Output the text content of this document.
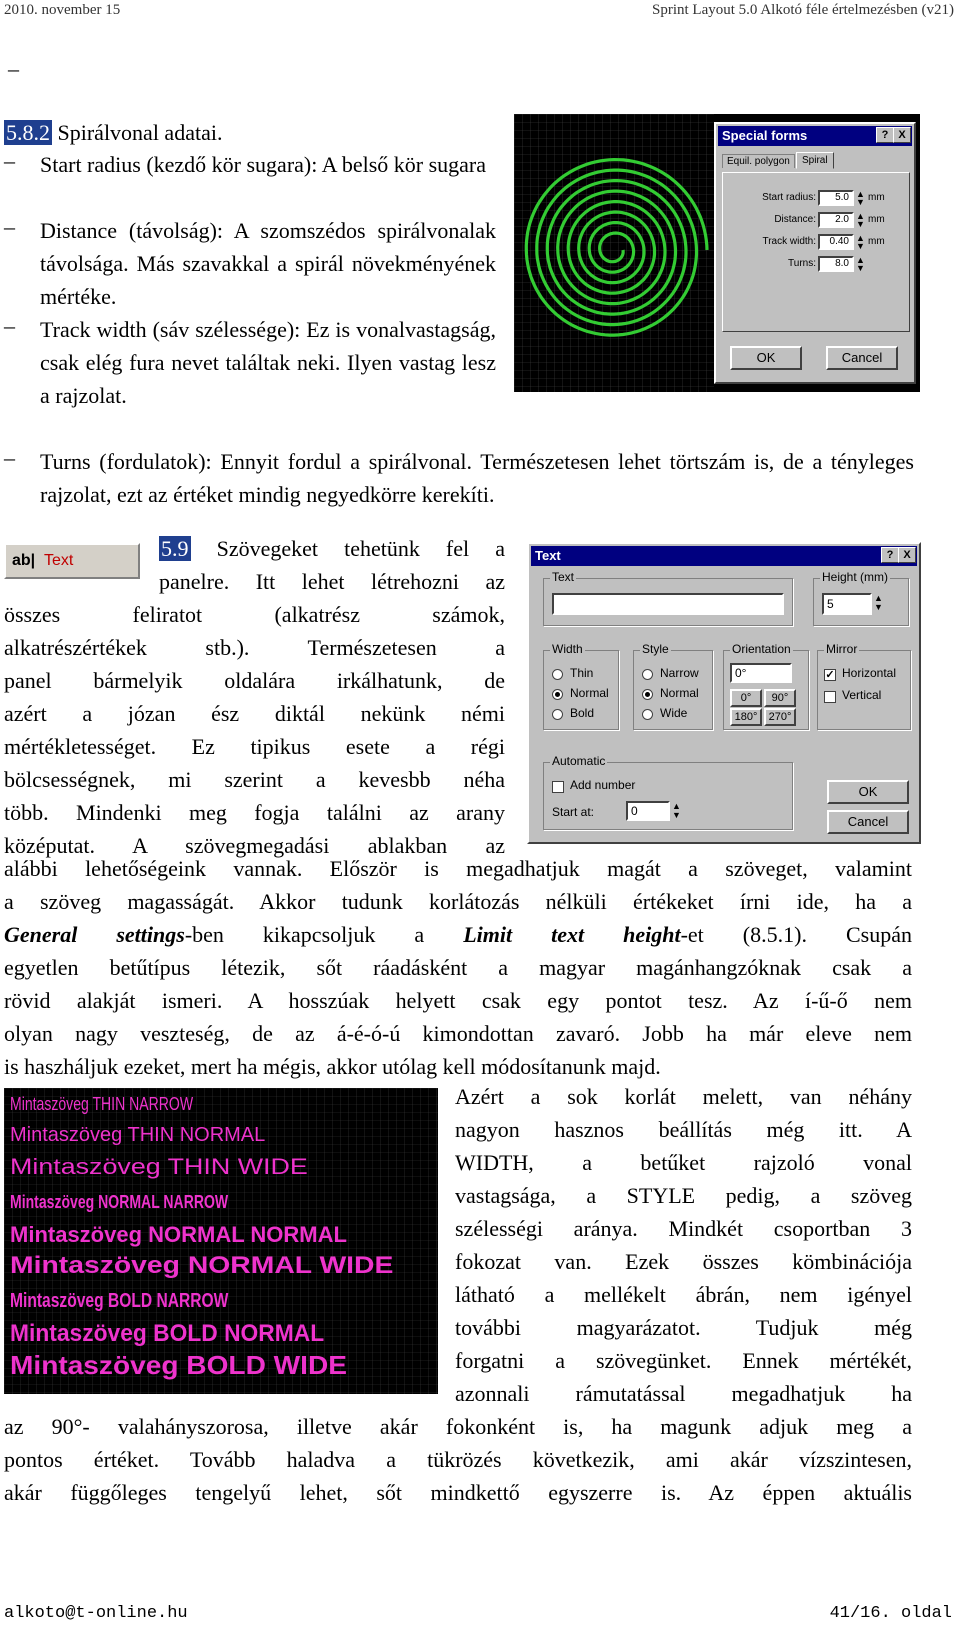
2010. november 15	Sprint Layout 5.0 Alkotó féle értelmezésben (v21)
–
5.8.2 Spirálvonal adatai.
– Start radius (kezdő kör sugara): A belső kör sugara
– Distance (távolság): A szomszédos spirálvonalak távolsága. Más szavakkal a spirál növekményének mértéke.
– Track width (sáv szélessége): Ez is vonalvastagság, csak elég fura nevet találtak neki. Ilyen vastag lesz a rajzolat.
– Turns (fordulatok): Ennyit fordul a spirálvonal. Természetesen lehet törtszám is, de a tényleges rajzolat, ezt az értéket mindig negyedkörre kerekíti.
Special forms	? X
Equil. polygon	Spiral
Start radius:	5.0 ▲
▼ mm
Distance:	2.0 ▲
▼ mm
Track width:	0.40 ▲
▼ mm
Turns:	8.0 ▲
▼
OK	Cancel
ab| Text	5.9 Szövegeket tehetünk fel a
panelre. Itt lehet létrehozni az
összes feliratot (alkatrész számok,
alkatrészértékek stb.). Természetesen a
panel bármelyik oldalára irkálhatunk, de
azért a józan ész diktál nekünk némi
mértékletességet. Ez tipikus esete a régi
bölcsességnek, mi szerint a kevesbb néha
több. Mindenki meg fogja találni az arany
középutat. A szövegmegadási ablakban az
Text	? X
Text	Height (mm)
5	▲
▼
Width
Thin
Normal
Bold
Style
Narrow
Normal
Wide
Orientation
0°
0°	90°
180°	270°
Mirror
✓ Horizontal
Vertical
Automatic
Add number
Start at:	0	▲
▼
OK
Cancel
alábbi lehetőségeink vannak. Először is megadhatjuk magát a szöveget, valamint
a szöveg magasságát. Akkor tudunk korlátozás nélküli értékeket írni ide, ha a
General settings-ben kikapcsoljuk a Limit text height-et (8.5.1). Csupán
egyetlen betűtípus létezik, sőt ráadásként a magyar magánhangzóknak csak a
rövid alakját ismeri. A hosszúak helyett csak egy pontot tesz. Az í-ű-ő nem
olyan nagy veszteség, de az á-é-ó-ú kimondottan zavaró. Jobb ha már eleve nem
is haszháljuk ezeket, mert ha mégis, akkor utólag kell módosítanunk majd.
Mintaszöveg THIN NARROW
Mintaszöveg THIN NORMAL
Mintaszöveg THIN WIDE
Mintaszöveg NORMAL NARROW
Mintaszöveg NORMAL NORMAL
Mintaszöveg NORMAL WIDE
Mintaszöveg BOLD NARROW
Mintaszöveg BOLD NORMAL
Mintaszöveg BOLD WIDE
Azért a sok korlát melett, van néhány
nagyon hasznos beállítás még itt. A
WIDTH, a betűket rajzoló vonal
vastagsága, a STYLE pedig, a szöveg
szélességi aránya. Mindkét csoportban 3
fokozat van. Ezek összes kömbinációja
látható a mellékelt ábrán, nem igényel
további magyarázatot. Tudjuk még
forgatni a szövegünket. Ennek mértékét,
azonnali rámutatással megadhatjuk ha
az 90°- valahányszorosa, illetve akár fokonként is, ha magunk adjuk meg a
pontos értéket. Tovább haladva a tükrözés következik, ami akár vízszintesen,
akár függőleges tengelyű lehet, sőt mindkettő egyszerre is. Az éppen aktuális
alkoto@t-online.hu	41/16. oldal
